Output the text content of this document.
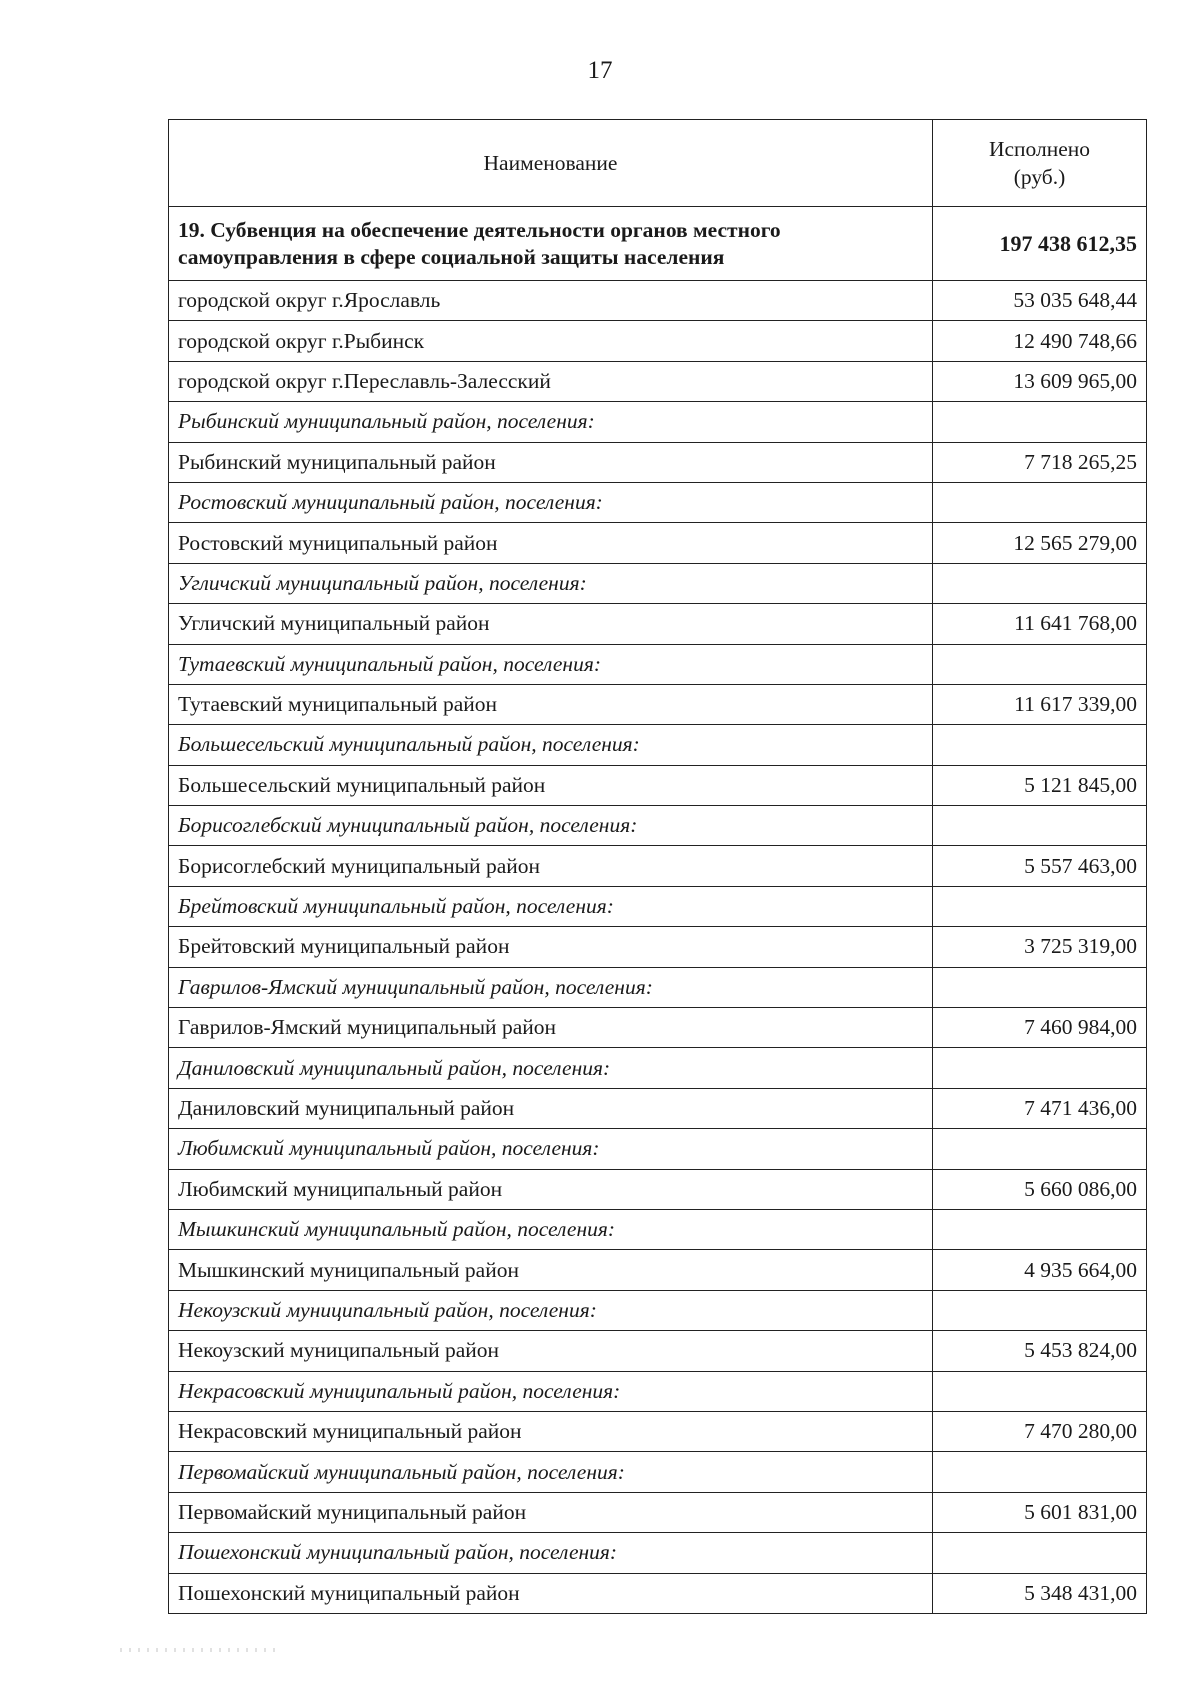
17
Наименование	Исполнено
(руб.)

19. Субвенция на обеспечение деятельности органов местного самоуправления в сфере социальной защиты населения	197 438 612,35
городской округ г.Ярославль	53 035 648,44
городской округ г.Рыбинск	12 490 748,66
городской округ г.Переславль-Залесский	13 609 965,00
Рыбинский муниципальный район, поселения:	
Рыбинский муниципальный район	7 718 265,25
Ростовский муниципальный район, поселения:	
Ростовский муниципальный район	12 565 279,00
Угличский муниципальный район, поселения:	
Угличский муниципальный район	11 641 768,00
Тутаевский муниципальный район, поселения:	
Тутаевский муниципальный район	11 617 339,00
Большесельский муниципальный район, поселения:	
Большесельский муниципальный район	5 121 845,00
Борисоглебский муниципальный район, поселения:	
Борисоглебский муниципальный район	5 557 463,00
Брейтовский муниципальный район, поселения:	
Брейтовский муниципальный район	3 725 319,00
Гаврилов-Ямский муниципальный район, поселения:	
Гаврилов-Ямский муниципальный район	7 460 984,00
Даниловский муниципальный район, поселения:	
Даниловский муниципальный район	7 471 436,00
Любимский муниципальный район, поселения:	
Любимский муниципальный район	5 660 086,00
Мышкинский муниципальный район, поселения:	
Мышкинский муниципальный район	4 935 664,00
Некоузский муниципальный район, поселения:	
Некоузский муниципальный район	5 453 824,00
Некрасовский муниципальный район, поселения:	
Некрасовский муниципальный район	7 470 280,00
Первомайский муниципальный район, поселения:	
Первомайский муниципальный район	5 601 831,00
Пошехонский муниципальный район, поселения:	
Пошехонский муниципальный район	5 348 431,00
